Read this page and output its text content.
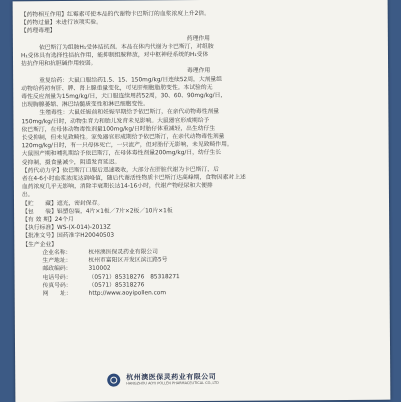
【药物相互作用】红霉素可使本品的代谢物卡巴斯汀的血浆浓度上升2倍。
【药物过量】未进行该项实验。
【药理毒理】
药理作用
依巴斯汀为组胺H₁受体拮抗剂。本品在体内代谢为卡巴斯汀，对组胺
H₁受体具有选择性拮抗作用，能抑制组胺释放，对中枢神经系统的H₁受体
拮抗作用和抗胆碱作用较弱。
毒理作用
重复给药：大鼠口服给药1.5、15、150mg/kg/日连续52周，大剂量组
动物给药初有肝、脾、肾上腺重量变化，可见肝细胞脂肪变性。本试验的无
毒性反应剂量为15mg/kg/日，犬口服连续用药52周，30、60、90mg/kg/日，
出现胸腺萎缩、淋巴结髓质变性和淋巴细胞变性。
生殖毒性：大鼠妊娠前和妊娠早期给予依巴斯汀，在亲代动物毒性剂量
150mg/kg/日时，动物生育力和胎儿发育未见影响。大鼠器官形成期给予
依巴斯汀，在母体动物毒性剂量100mg/kg/日时胎仔体重减轻，出生幼仔生
长受抑制，但未见致畸性。家兔器官形成期给予依巴斯汀，在亲代动物毒性剂量
120mg/kg/日时，有一只母体死亡，一只流产，但对胎仔无影响，未见致畸作用。
大鼠围产期和哺乳期给予依巴斯汀，在母体毒性剂量200mg/kg/日，幼仔生长
受抑制，摄食量减少，阴道发育延迟。
【药代动力学】依巴斯汀口服后迅速吸收，大部分在肝脏代谢为卡巴斯汀，后
者在4-6小时血浆浓度达到峰值，随后代谢活性物质卡巴斯汀达高峰期，食物因素对上述
血药浓度几乎无影响，消除半衰期长达14-16小时，代谢产物经尿和大便排
出。
【贮　　藏】遮光，密封保存。
【包　　装】铝塑包装，4片×1板／7片×2板／10片×1板
【有 效 期】24个月
【执行标准】WS-(X-014)-2013Z
【批准文号】国药准字H20040503
【生产企业】
企业名称：	杭州澳医保灵药业有限公司
生产地址：	杭州市富阳区开发区滨江路5号
邮政编码：	310002
电话号码：	（0571）85318276　85318271
传真号码：	（0571）85318276
网　　址：	http://www.aoyipollen.com
杭州澳医保灵药业有限公司
HANGZHOU AOYI POLLEN PHARMACEUTICAL CO.,LTD
